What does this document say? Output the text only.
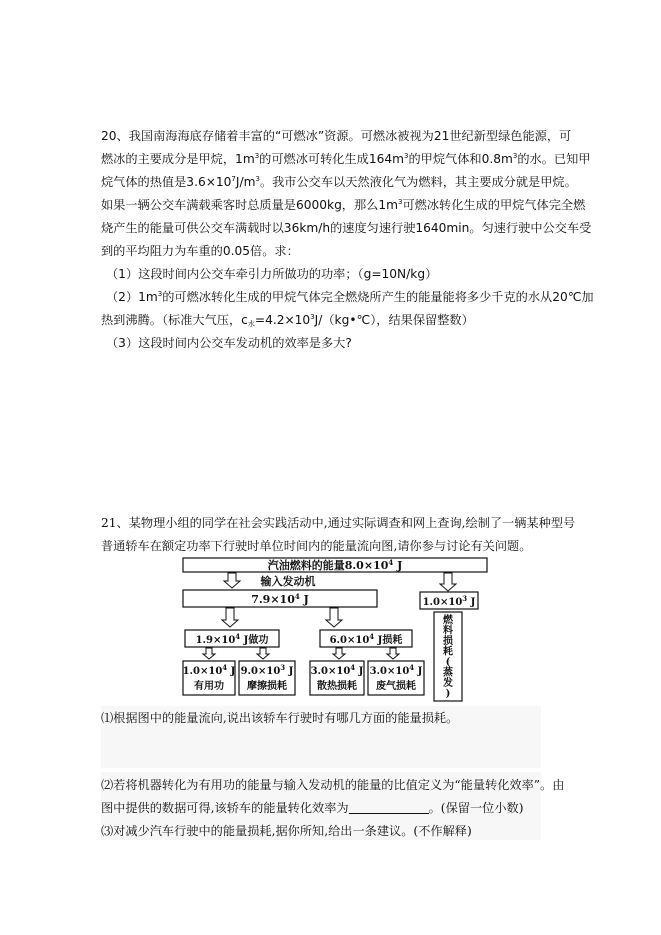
20、我国南海海底存储着丰富的“可燃冰”资源。可燃冰被视为21世纪新型绿色能源，可
燃冰的主要成分是甲烷，$1m^3$的可燃冰可转化生成$164m^3$的甲烷气体和$0.8m^3$的水。已知甲
烷气体的热值是$3.6\times 10^7J/m^3$。我市公交车以天然液化气为燃料，其主要成分就是甲烷。
如果一辆公交车满载乘客时总质量是6000kg，那么$1m^3$可燃冰转化生成的甲烷气体完全燃
烧产生的能量可供公交车满载时以36km/h的速度匀速行驶1640min。匀速行驶中公交车受
到的平均阻力为车重的0.05倍。求：
（1）这段时间内公交车牵引力所做功的功率；（g=10N/kg）
$(2)1m^3$的可燃冰转化生成的甲烷气体完全燃烧所产生的能量能将多少千克的水从20℃加
热到沸腾。（标准大气压，$c_水=4.2\times 10^3J/(kg•℃)$，结果保留整数）
（3）这段时间内公交车发动机的效率是多大?
21、某物理小组的同学在社会实践活动中,通过实际调查和网上查询,绘制了一辆某种型号
普通轿车在额定功率下行驶时单位时间内的能量流向图,请你参与讨论有关问题。
汽油燃料的能量$8.0\times 10^4$ J
输入发动机
$7.9\times 10^4$ J	$1.0\times 10^3$ J
燃
料
损
耗
(
蒸
发
)
$1.9\times 10^4$ J做功	$6.0\times 10^4$ J损耗
$1.0\times 10^4$ J
有用功
$9.0\times 10^3$ J
摩擦损耗
$3.0\times 10^4$ J
散热损耗
$3.0\times 10^4$ J
废气损耗
⑴根据图中的能量流向,说出该轿车行驶时有哪几方面的能量损耗。
⑵若将机器转化为有用功的能量与输入发动机的能量的比值定义为“能量转化效率”。由
图中提供的数据可得,该轿车的能量转化效率为	。(保留一位小数)
⑶对减少汽车行驶中的能量损耗,据你所知,给出一条建议。(不作解释)
